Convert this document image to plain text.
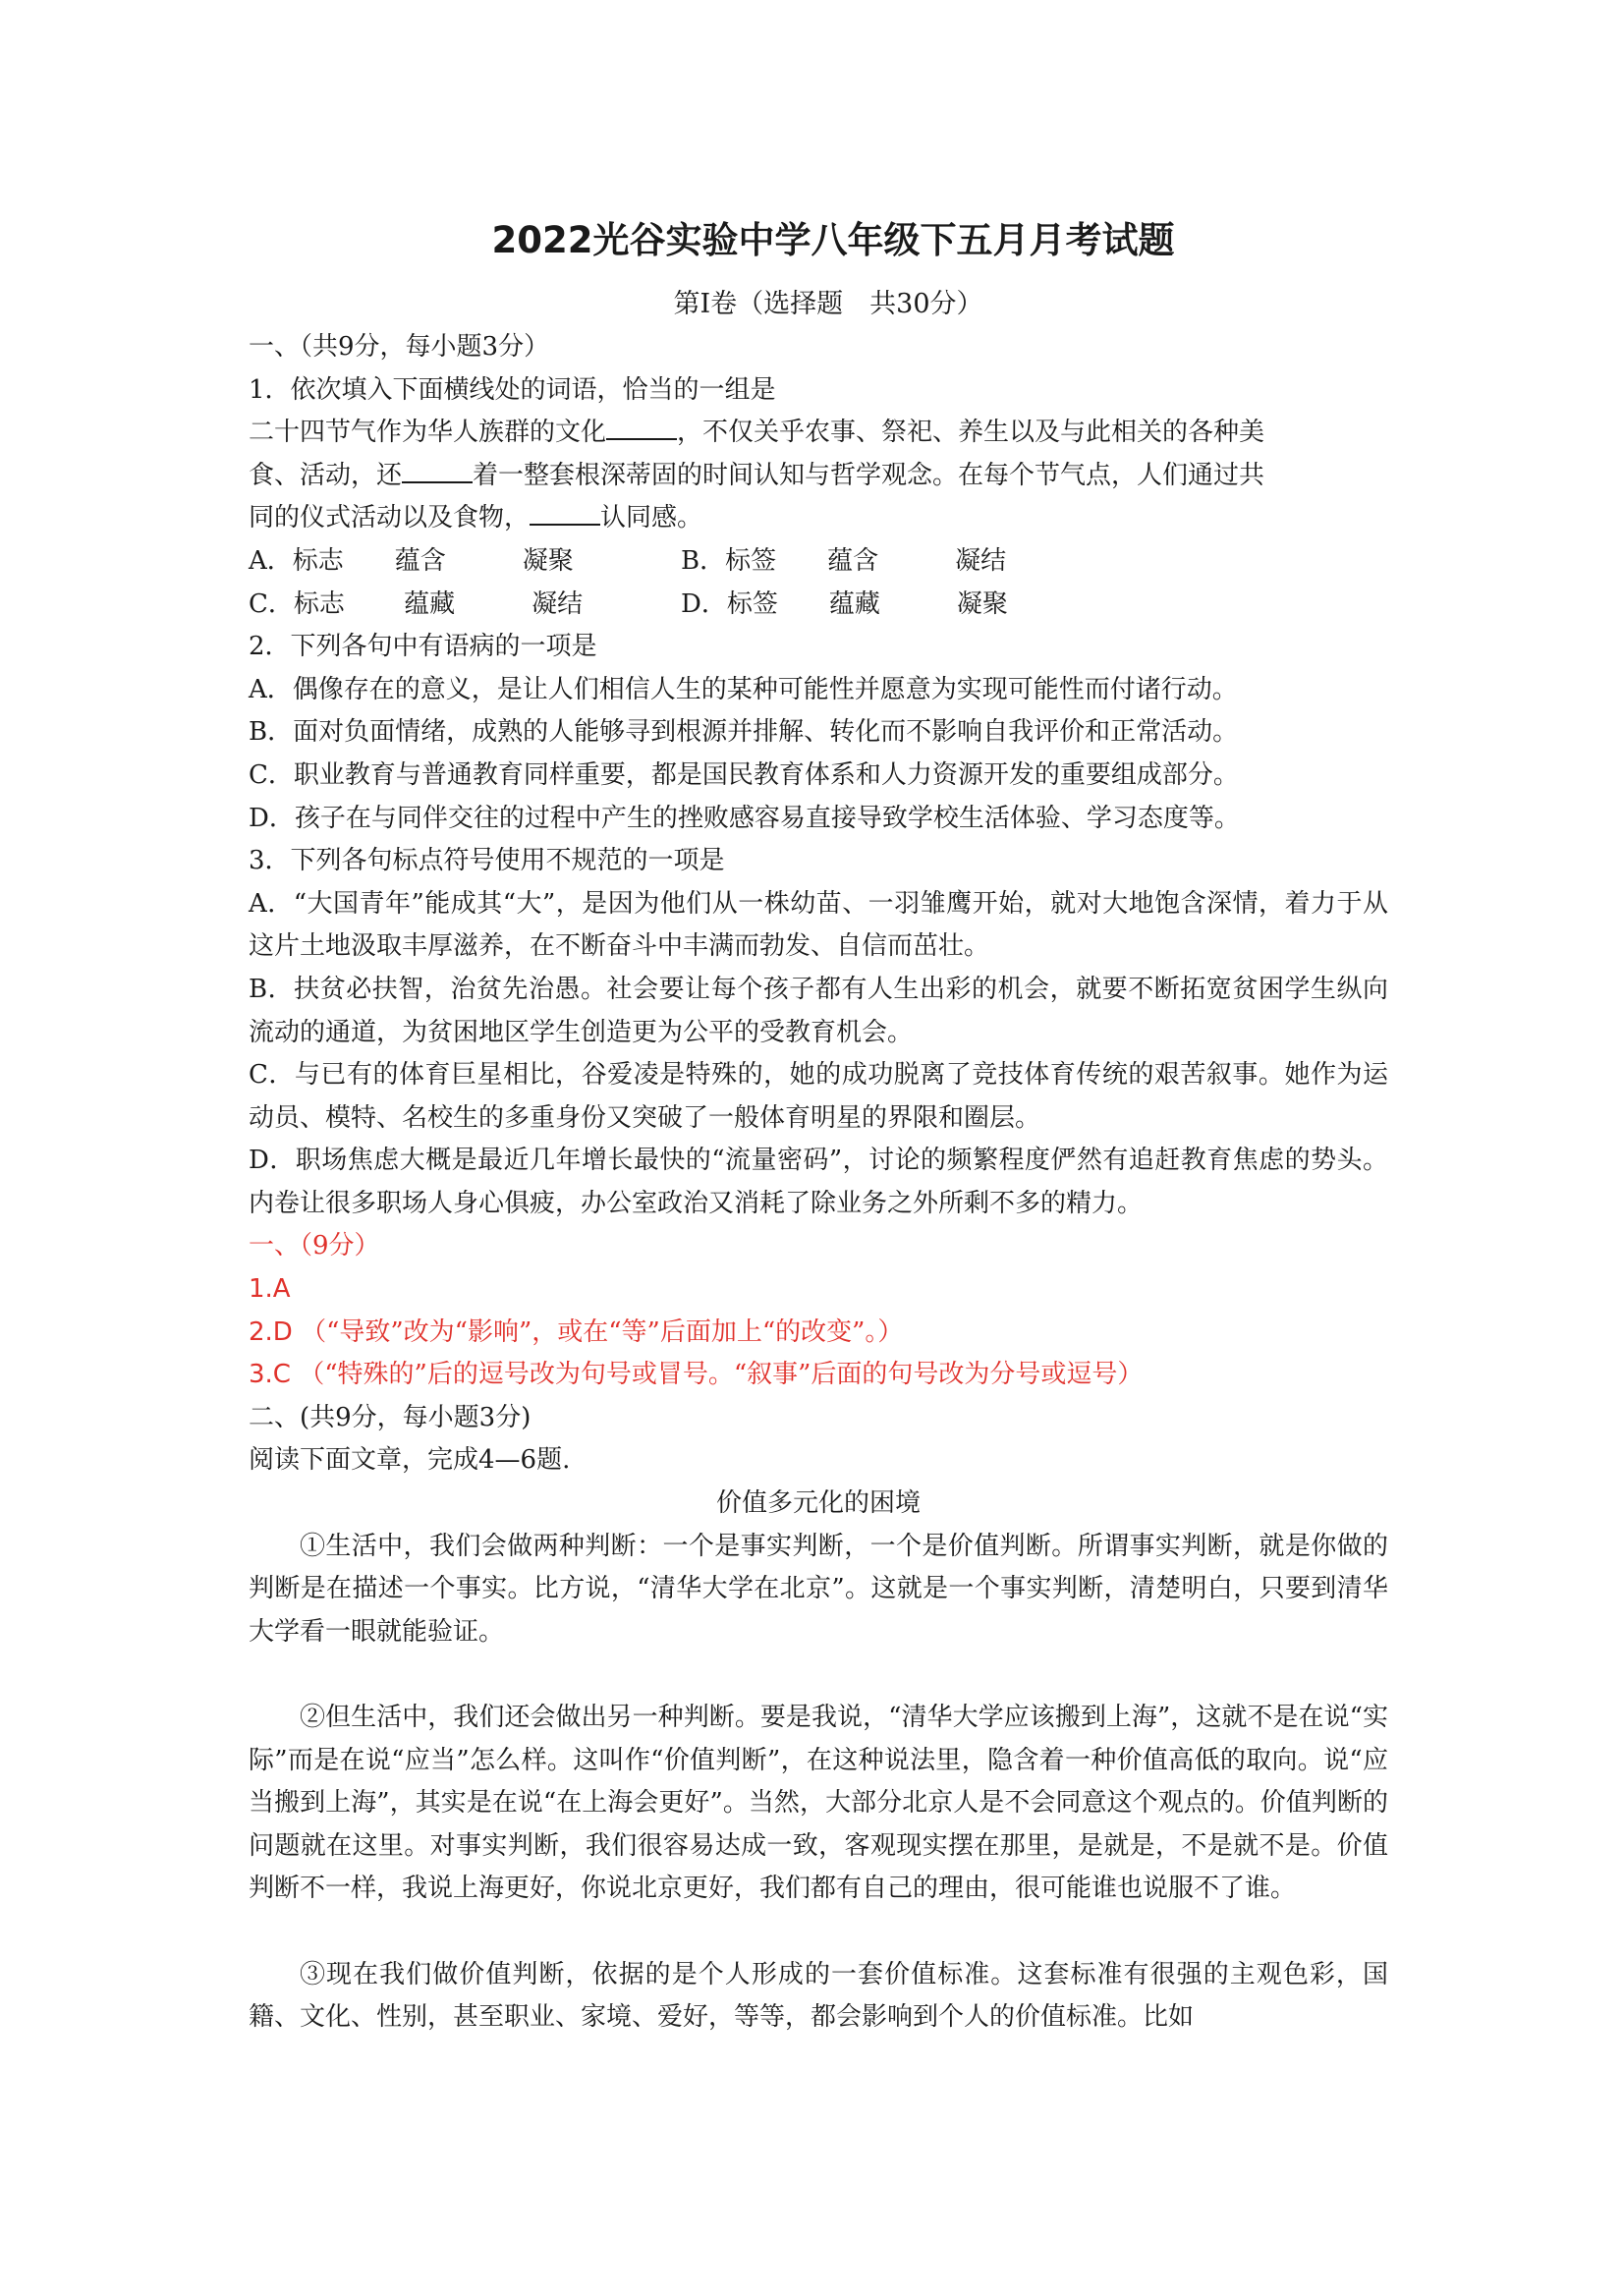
2022光谷实验中学八年级下五月月考试题

第Ⅰ卷（选择题　共30分）

一、（共9分，每小题3分）

1．依次填入下面横线处的词语，恰当的一组是

二十四节气作为华人族群的文化	，不仅关乎农事、祭祀、养生以及与此相关的各种美

食、活动，还	着一整套根深蒂固的时间认知与哲学观念。在每个节气点，人们通过共

同的仪式活动以及食物，	认同感。

A．标志　　蕴含　　　凝聚	B．标签　　蕴含　　　凝结

C．标志　　 蕴藏　　　凝结	D．标签　　蕴藏　　　凝聚

2．下列各句中有语病的一项是

A．偶像存在的意义，是让人们相信人生的某种可能性并愿意为实现可能性而付诸行动。

B．面对负面情绪，成熟的人能够寻到根源并排解、转化而不影响自我评价和正常活动。

C．职业教育与普通教育同样重要，都是国民教育体系和人力资源开发的重要组成部分。

D．孩子在与同伴交往的过程中产生的挫败感容易直接导致学校生活体验、学习态度等。

3．下列各句标点符号使用不规范的一项是

A．“大国青年”能成其“大”，是因为他们从一株幼苗、一羽雏鹰开始，就对大地饱含深情，着力于从这片土地汲取丰厚滋养，在不断奋斗中丰满而勃发、自信而茁壮。

B．扶贫必扶智，治贫先治愚。社会要让每个孩子都有人生出彩的机会，就要不断拓宽贫困学生纵向流动的通道，为贫困地区学生创造更为公平的受教育机会。

C．与已有的体育巨星相比，谷爱凌是特殊的，她的成功脱离了竞技体育传统的艰苦叙事。她作为运动员、模特、名校生的多重身份又突破了一般体育明星的界限和圈层。

D．职场焦虑大概是最近几年增长最快的“流量密码”，讨论的频繁程度俨然有追赶教育焦虑的势头。内卷让很多职场人身心俱疲，办公室政治又消耗了除业务之外所剩不多的精力。

一、（9分）

1.A

2.D （“导致”改为“影响”，或在“等”后面加上“的改变”。）

3.C （“特殊的”后的逗号改为句号或冒号。“叙事”后面的句号改为分号或逗号）

二、(共9分，每小题3分)

阅读下面文章，完成4—6题.

价值多元化的困境

①生活中，我们会做两种判断：一个是事实判断，一个是价值判断。所谓事实判断，就是你做的判断是在描述一个事实。比方说，“清华大学在北京”。这就是一个事实判断，清楚明白，只要到清华大学看一眼就能验证。

②但生活中，我们还会做出另一种判断。要是我说，“清华大学应该搬到上海”，这就不是在说“实际”而是在说“应当”怎么样。这叫作“价值判断”，在这种说法里，隐含着一种价值高低的取向。说“应当搬到上海”，其实是在说“在上海会更好”。当然，大部分北京人是不会同意这个观点的。价值判断的问题就在这里。对事实判断，我们很容易达成一致，客观现实摆在那里，是就是，不是就不是。价值判断不一样，我说上海更好，你说北京更好，我们都有自己的理由，很可能谁也说服不了谁。

③现在我们做价值判断，依据的是个人形成的一套价值标准。这套标准有很强的主观色彩，国籍、文化、性别，甚至职业、家境、爱好，等等，都会影响到个人的价值标准。比如
